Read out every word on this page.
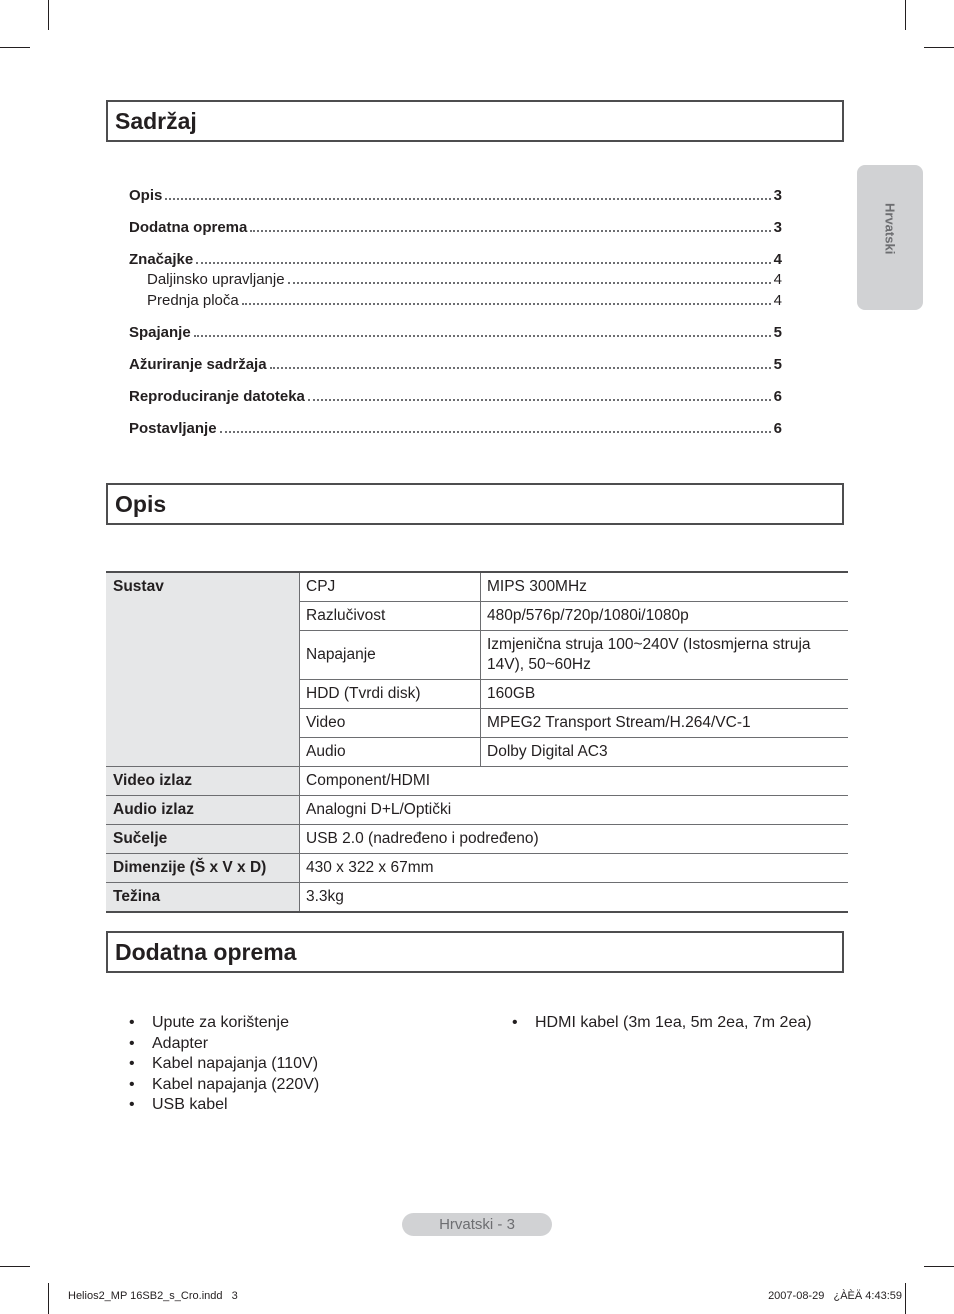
Hrvatski
Sadržaj
Opis	3
Dodatna oprema	3
Značajke	4
Daljinsko upravljanje	4
Prednja ploča	4
Spajanje	5
Ažuriranje sadržaja	5
Reproduciranje datoteka	6
Postavljanje	6
Opis
Sustav	CPJ	MIPS 300MHz
	Razlučivost	480p/576p/720p/1080i/1080p
	Napajanje	Izmjenična struja 100~240V (Istosmjerna struja 14V), 50~60Hz
	HDD (Tvrdi disk)	160GB
	Video	MPEG2 Transport Stream/H.264/VC-1
	Audio	Dolby Digital AC3
Video izlaz	Component/HDMI	
Audio izlaz	Analogni D+L/Optički	
Sučelje	USB 2.0 (nadređeno i podređeno)	
Dimenzije (Š x V x D)	430 x 322 x 67mm	
Težina	3.3kg	
Dodatna oprema
• Upute za korištenje
• Adapter
• Kabel napajanja (110V)
• Kabel napajanja (220V)
• USB kabel
• HDMI kabel (3m 1ea, 5m 2ea, 7m 2ea)
Hrvatski - 3
Helios2_MP 16SB2_s_Cro.indd   3	2007-08-29   ¿ÀÈÄ 4:43:59
